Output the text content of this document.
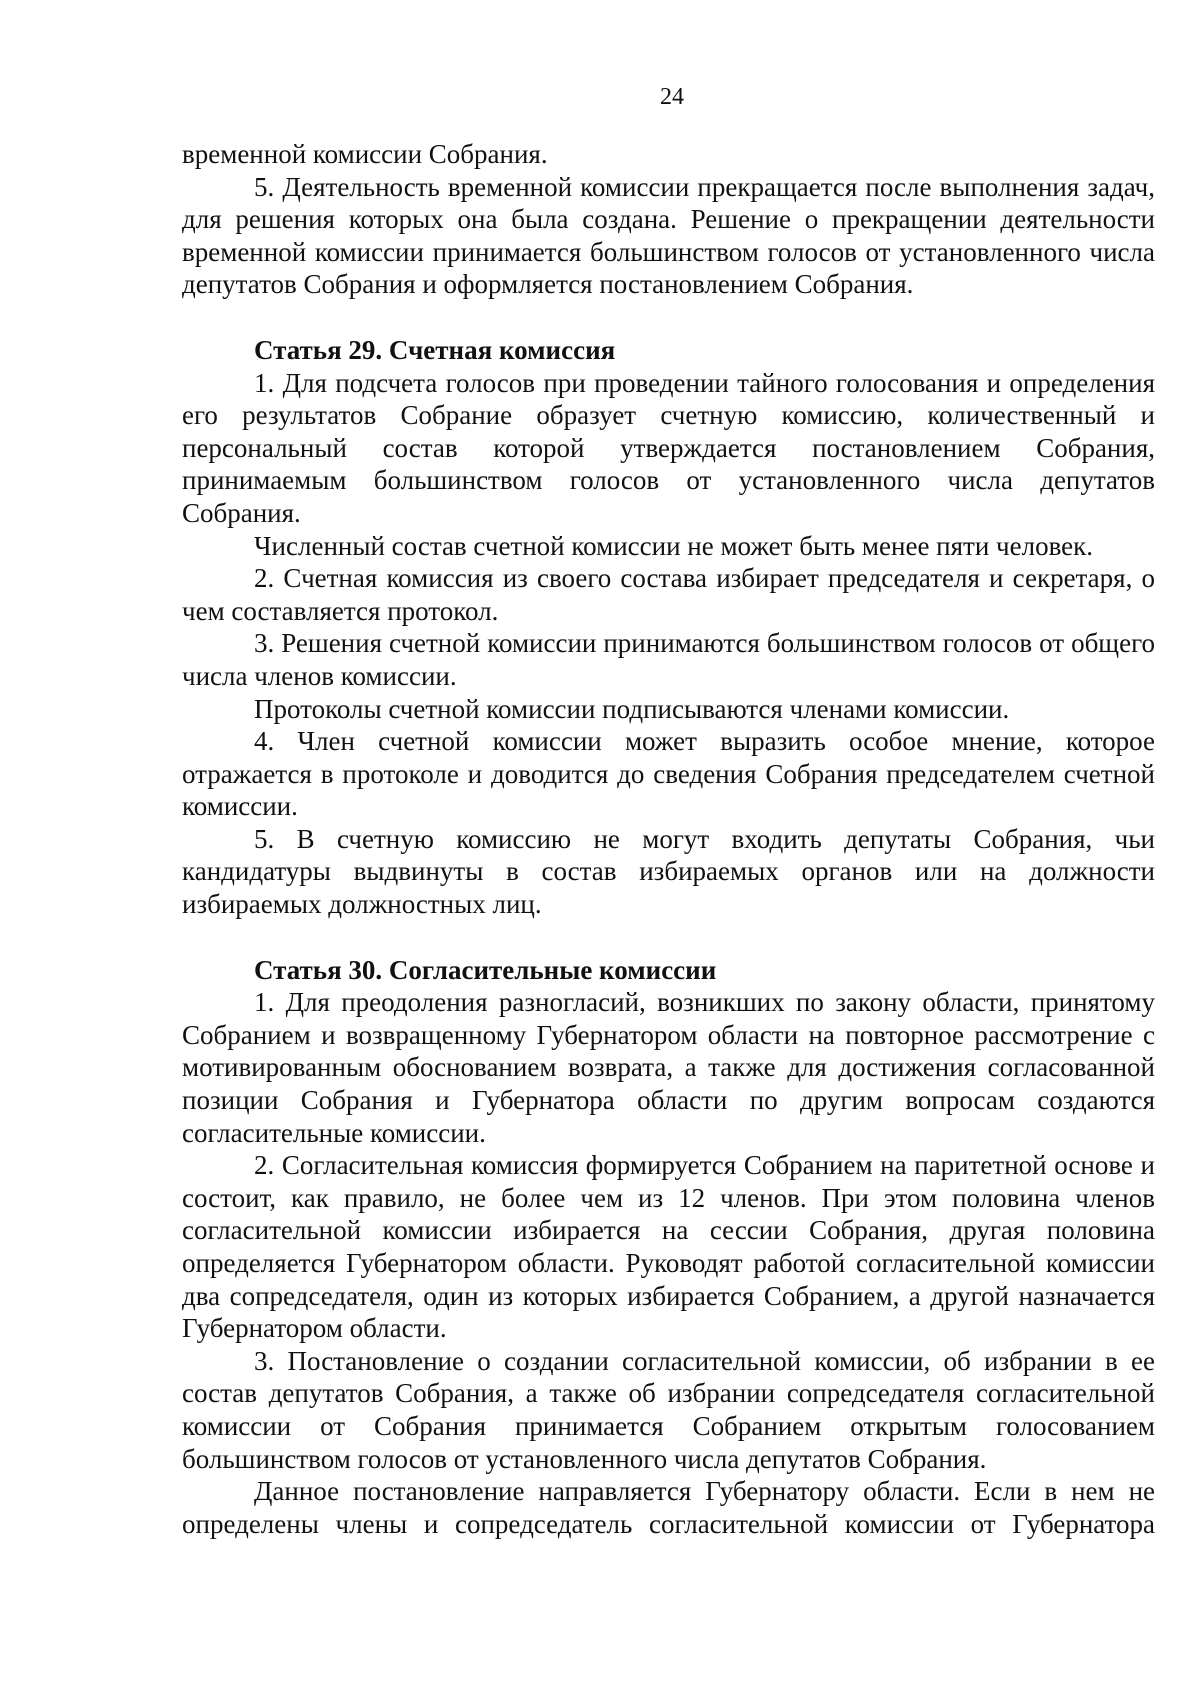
24

временной комиссии Собрания.

5. Деятельность временной комиссии прекращается после выполнения задач, для решения которых она была создана. Решение о прекращении деятельности временной комиссии принимается большинством голосов от установленного числа депутатов Собрания и оформляется постановлением Собрания.

Статья 29. Счетная комиссия

1. Для подсчета голосов при проведении тайного голосования и определения его результатов Собрание образует счетную комиссию, количественный и персональный состав которой утверждается постановлением Собрания, принимаемым большинством голосов от установленного числа депутатов Собрания.

Численный состав счетной комиссии не может быть менее пяти человек.

2. Счетная комиссия из своего состава избирает председателя и секретаря, о чем составляется протокол.

3. Решения счетной комиссии принимаются большинством голосов от общего числа членов комиссии.

Протоколы счетной комиссии подписываются членами комиссии.

4. Член счетной комиссии может выразить особое мнение, которое отражается в протоколе и доводится до сведения Собрания председателем счетной комиссии.

5. В счетную комиссию не могут входить депутаты Собрания, чьи кандидатуры выдвинуты в состав избираемых органов или на должности избираемых должностных лиц.

Статья 30. Согласительные комиссии

1. Для преодоления разногласий, возникших по закону области, принятому Собранием и возвращенному Губернатором области на повторное рассмотрение с мотивированным обоснованием возврата, а также для достижения согласованной позиции Собрания и Губернатора области по другим вопросам создаются согласительные комиссии.

2. Согласительная комиссия формируется Собранием на паритетной основе и состоит, как правило, не более чем из 12 членов. При этом половина членов согласительной комиссии избирается на сессии Собрания, другая половина определяется Губернатором области. Руководят работой согласительной комиссии два сопредседателя, один из которых избирается Собранием, а другой назначается Губернатором области.

3. Постановление о создании согласительной комиссии, об избрании в ее состав депутатов Собрания, а также об избрании сопредседателя согласительной комиссии от Собрания принимается Собранием открытым голосованием большинством голосов от установленного числа депутатов Собрания.

Данное постановление направляется Губернатору области. Если в нем не определены члены и сопредседатель согласительной комиссии от Губернатора
